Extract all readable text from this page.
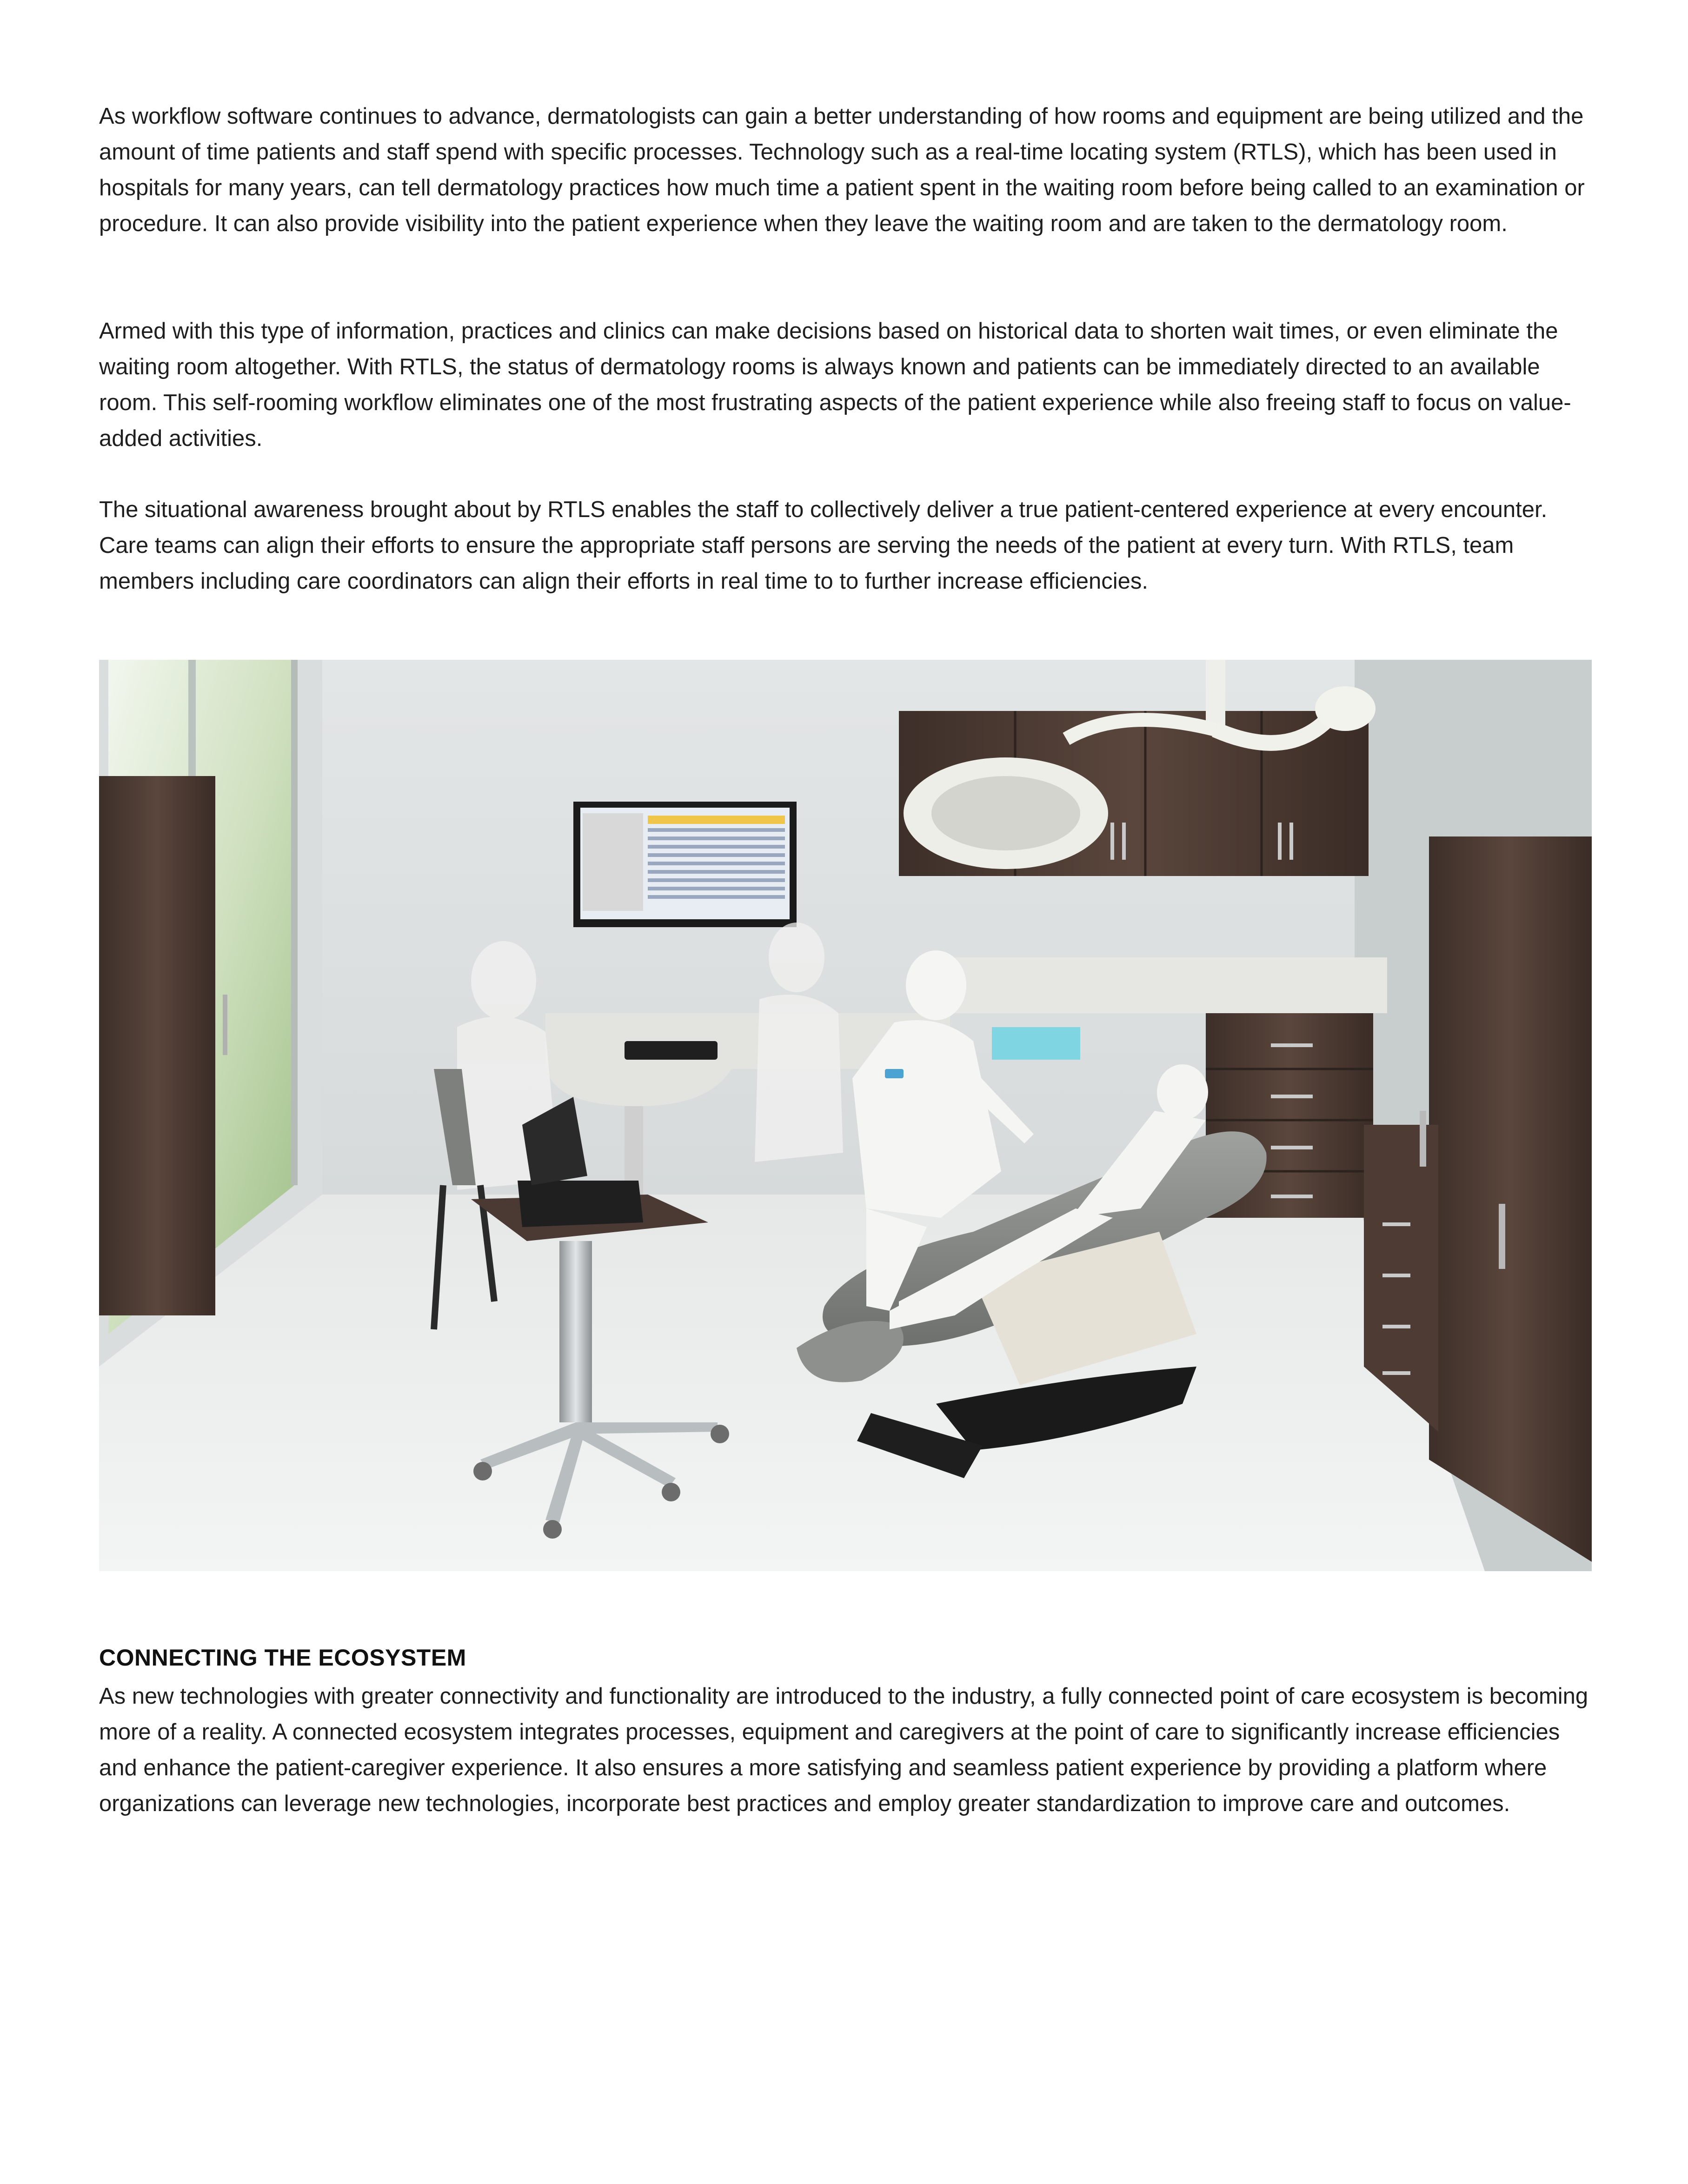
As workflow software continues to advance, dermatologists can gain a better understanding of how rooms and equipment are being utilized and the amount of time patients and staff spend with specific processes. Technology such as a real-time locating system (RTLS), which has been used in hospitals for many years, can tell dermatology practices how much time a patient spent in the waiting room before being called to an examination or procedure. It can also provide visibility into the patient experience when they leave the waiting room and are taken to the dermatology room.

Armed with this type of information, practices and clinics can make decisions based on historical data to shorten wait times, or even eliminate the waiting room altogether. With RTLS, the status of dermatology rooms is always known and patients can be immediately directed to an available room. This self-rooming workflow eliminates one of the most frustrating aspects of the patient experience while also freeing staff to focus on value-added activities.

The situational awareness brought about by RTLS enables the staff to collectively deliver a true patient-centered experience at every encounter. Care teams can align their efforts to ensure the appropriate staff persons are serving the needs of the patient at every turn. With RTLS, team members including care coordinators can align their efforts in real time to to further increase efficiencies.

CONNECTING THE ECOSYSTEM

As new technologies with greater connectivity and functionality are introduced to the industry, a fully connected point of care ecosystem is becoming more of a reality. A connected ecosystem integrates processes, equipment and caregivers at the point of care to significantly increase efficiencies and enhance the patient-caregiver experience. It also ensures a more satisfying and seamless patient experience by providing a platform where organizations can leverage new technologies, incorporate best practices and employ greater standardization to improve care and outcomes.
